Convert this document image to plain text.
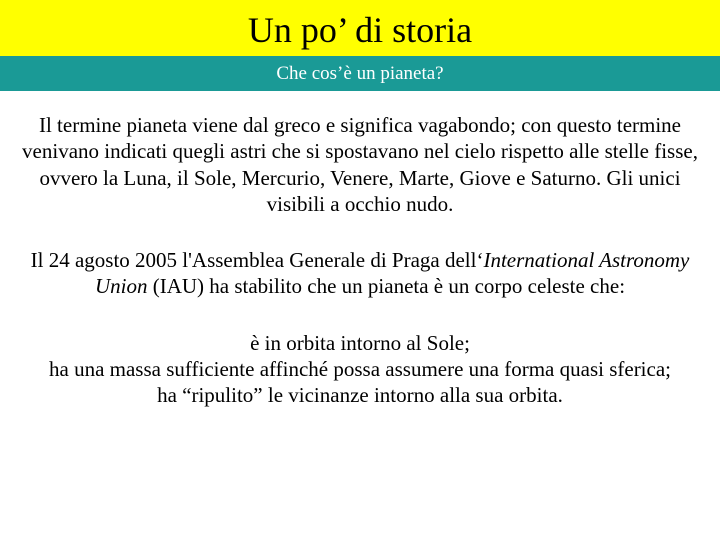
Un po’ di storia
Che cos’è un pianeta?

Il termine pianeta viene dal greco e significa vagabondo; con questo termine venivano indicati quegli astri che si spostavano nel cielo rispetto alle stelle fisse, ovvero la Luna, il Sole, Mercurio, Venere, Marte, Giove e Saturno. Gli unici visibili a occhio nudo.

Il 24 agosto 2005 l'Assemblea Generale di Praga dell‘International Astronomy Union (IAU) ha stabilito che un pianeta è un corpo celeste che:

è in orbita intorno al Sole;
ha una massa sufficiente affinché possa assumere una forma quasi sferica;
ha “ripulito” le vicinanze intorno alla sua orbita.
